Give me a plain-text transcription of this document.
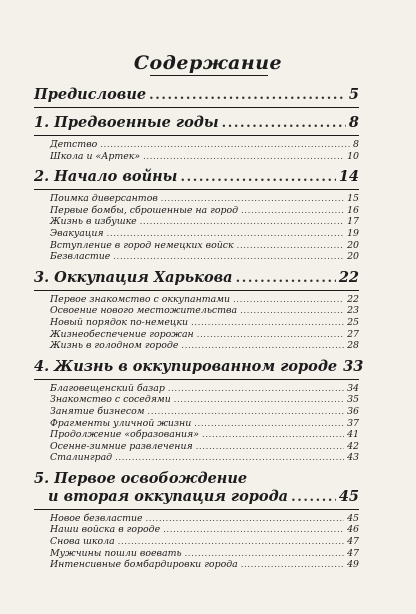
Содержание
Предисловие .....	5
1. Предвоенные годы .....	8
Детство .....	8
Школа и «Артек» .....	10
2. Начало войны .....	14
Поимка диверсантов .....	15
Первые бомбы, сброшенные на город .....	16
Жизнь в избушке .....	17
Эвакуация .....	19
Вступление в город немецких войск .....	20
Безвластие .....	20
3. Оккупация Харькова .....	22
Первое знакомство с оккупантами .....	22
Освоение нового местожительства .....	23
Новый порядок по-немецки .....	25
Жизнеобеспечение горожан .....	27
Жизнь в голодном городе .....	28
4. Жизнь в оккупированном городе 33
Благовещенский базар .....	34
Знакомство с соседями .....	35
Занятие бизнесом .....	36
Фрагменты уличной жизни .....	37
Продолжение «образования» .....	41
Осенне-зимние развлечения .....	42
Сталинград .....	43
5. Первое освобождение
и вторая оккупация города .....	45
Новое безвластие .....	45
Наши войска в городе .....	46
Снова школа .....	47
Мужчины пошли воевать .....	47
Интенсивные бомбардировки города .....	49
